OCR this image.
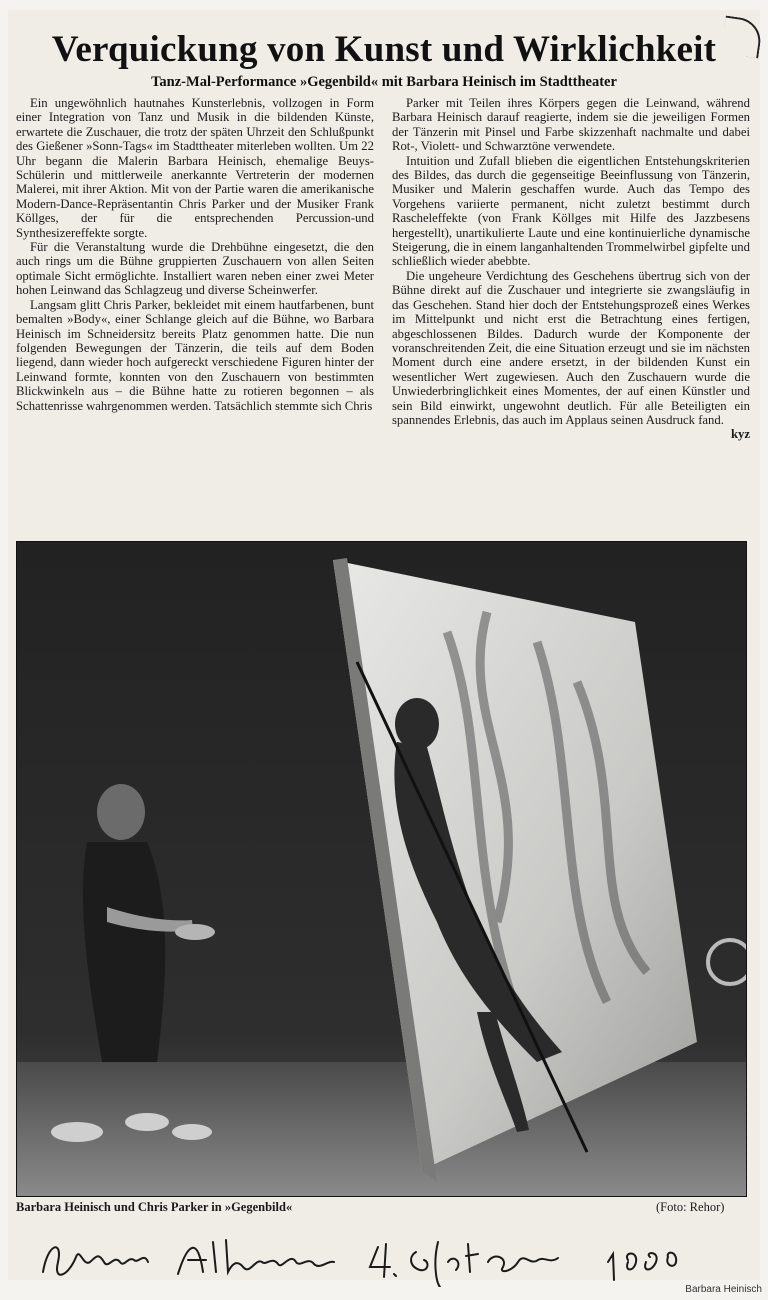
Verquickung von Kunst und Wirklichkeit
Tanz-Mal-Performance »Gegenbild« mit Barbara Heinisch im Stadttheater

Ein ungewöhnlich hautnahes Kunsterlebnis, vollzogen in Form einer Integration von Tanz und Musik in die bildenden Künste, erwartete die Zuschauer, die trotz der späten Uhrzeit den Schlußpunkt des Gießener »Sonn-Tags« im Stadttheater miterleben wollten. Um 22 Uhr begann die Malerin Barbara Heinisch, ehemalige Beuys-Schülerin und mittlerweile anerkannte Vertreterin der modernen Malerei, mit ihrer Aktion. Mit von der Partie waren die amerikanische Modern-Dance-Repräsentantin Chris Parker und der Musiker Frank Köllges, der für die entsprechenden Percussion-und Synthesizereffekte sorgte.

Für die Veranstaltung wurde die Drehbühne eingesetzt, die den auch rings um die Bühne gruppierten Zuschauern von allen Seiten optimale Sicht ermöglichte. Installiert waren neben einer zwei Meter hohen Leinwand das Schlagzeug und diverse Scheinwerfer.

Langsam glitt Chris Parker, bekleidet mit einem hautfarbenen, bunt bemalten »Body«, einer Schlange gleich auf die Bühne, wo Barbara Heinisch im Schneidersitz bereits Platz genommen hatte. Die nun folgenden Bewegungen der Tänzerin, die teils auf dem Boden liegend, dann wieder hoch aufgereckt verschiedene Figuren hinter der Leinwand formte, konnten von den Zuschauern von bestimmten Blickwinkeln aus – die Bühne hatte zu rotieren begonnen – als Schattenrisse wahrgenommen werden. Tatsächlich stemmte sich Chris

Parker mit Teilen ihres Körpers gegen die Leinwand, während Barbara Heinisch darauf reagierte, indem sie die jeweiligen Formen der Tänzerin mit Pinsel und Farbe skizzenhaft nachmalte und dabei Rot-, Violett- und Schwarztöne verwendete.

Intuition und Zufall blieben die eigentlichen Entstehungskriterien des Bildes, das durch die gegenseitige Beeinflussung von Tänzerin, Musiker und Malerin geschaffen wurde. Auch das Tempo des Vorgehens variierte permanent, nicht zuletzt bestimmt durch Rascheleffekte (von Frank Köllges mit Hilfe des Jazzbesens hergestellt), unartikulierte Laute und eine kontinuierliche dynamische Steigerung, die in einem langanhaltenden Trommelwirbel gipfelte und schließlich wieder abebbte.

Die ungeheure Verdichtung des Geschehens übertrug sich von der Bühne direkt auf die Zuschauer und integrierte sie zwangsläufig in das Geschehen. Stand hier doch der Entstehungsprozeß eines Werkes im Mittelpunkt und nicht erst die Betrachtung eines fertigen, abgeschlossenen Bildes. Dadurch wurde der Komponente der voranschreitenden Zeit, die eine Situation erzeugt und sie im nächsten Moment durch eine andere ersetzt, in der bildenden Kunst ein wesentlicher Wert zugewiesen. Auch den Zuschauern wurde die Unwiederbringlichkeit eines Momentes, der auf einen Künstler und sein Bild einwirkt, ungewohnt deutlich. Für alle Beteiligten ein spannendes Erlebnis, das auch im Applaus seinen Ausdruck fand.
kyz

Barbara Heinisch und Chris Parker in »Gegenbild«	(Foto: Rehor)
Barbara Heinisch
